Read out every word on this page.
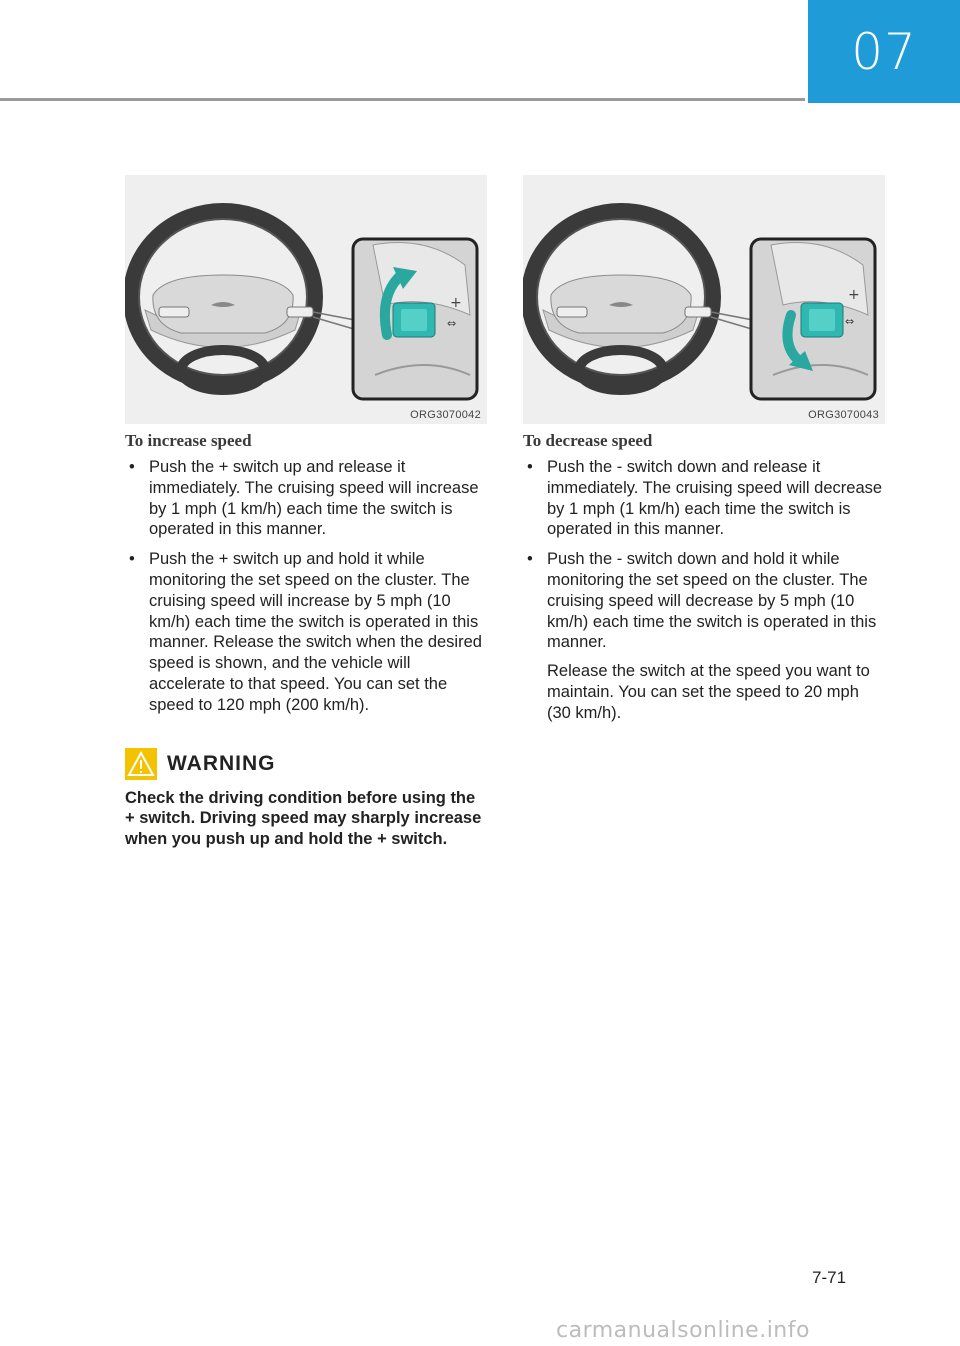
07
+
⇔
ORG3070042
+
⇔
ORG3070043
To increase speed
• Push the + switch up and release it immediately. The cruising speed will increase by 1 mph (1 km/h) each time the switch is operated in this manner.
• Push the + switch up and hold it while monitoring the set speed on the cluster. The cruising speed will increase by 5 mph (10 km/h) each time the switch is operated in this manner. Release the switch when the desired speed is shown, and the vehicle will accelerate to that speed. You can set the speed to 120 mph (200 km/h).
WARNING

Check the driving condition before using the + switch. Driving speed may sharply increase when you push up and hold the + switch.

To decrease speed
• Push the - switch down and release it immediately. The cruising speed will decrease by 1 mph (1 km/h) each time the switch is operated in this manner.
• Push the - switch down and hold it while monitoring the set speed on the cluster. The cruising speed will decrease by 5 mph (10 km/h) each time the switch is operated in this manner.
Release the switch at the speed you want to maintain. You can set the speed to 20 mph (30 km/h).
7-71
carmanualsonline.info
